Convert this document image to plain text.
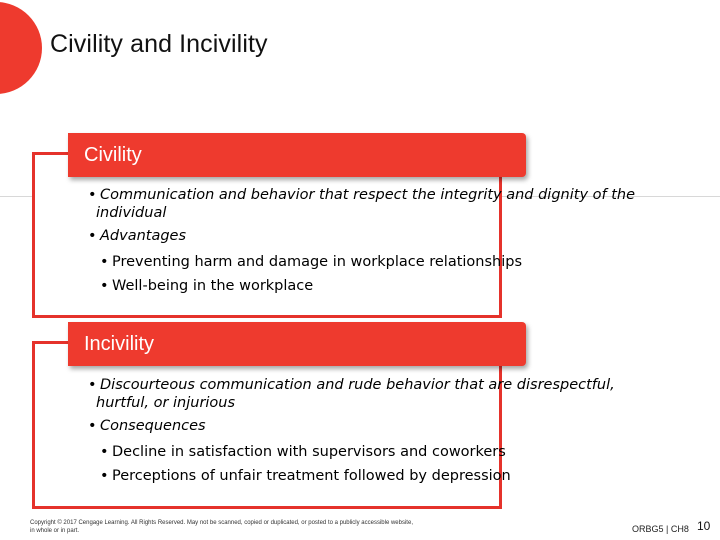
Civility and Incivility
Civility
• Communication and behavior that respect the integrity and dignity of the individual
• Advantages
• Preventing harm and damage in workplace relationships
• Well-being in the workplace
Incivility
• Discourteous communication and rude behavior that are disrespectful, hurtful, or injurious
• Consequences
• Decline in satisfaction with supervisors and coworkers
• Perceptions of unfair treatment followed by depression
Copyright © 2017 Cengage Learning. All Rights Reserved. May not be scanned, copied or duplicated, or posted to a publicly accessible website,
in whole or in part.	ORBG5 | CH8 10
